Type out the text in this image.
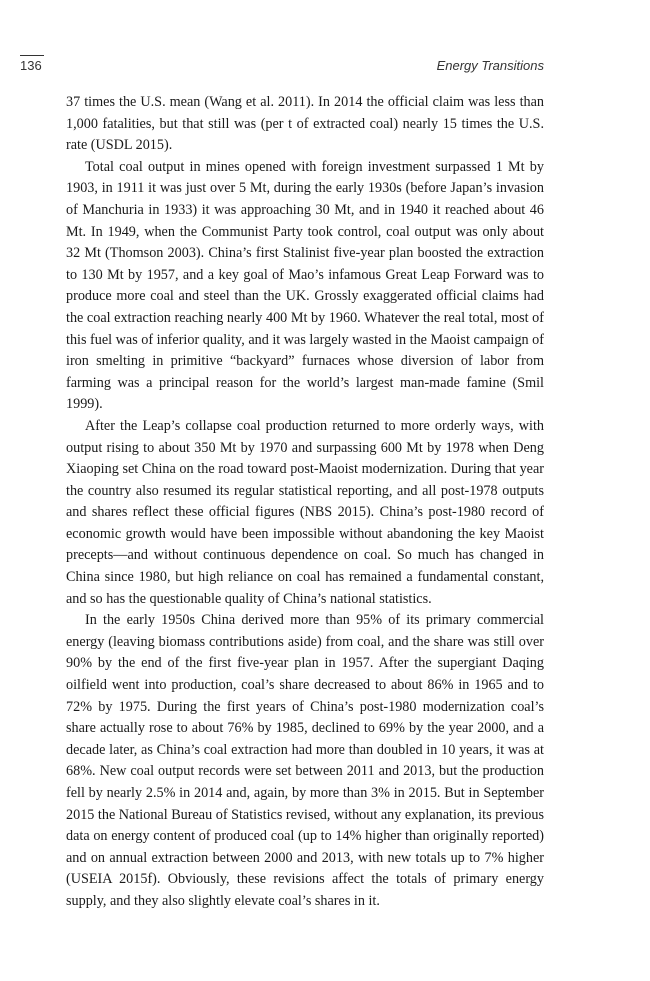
136	Energy Transitions

37 times the U.S. mean (Wang et al. 2011). In 2014 the official claim was less than 1,000 fatalities, but that still was (per t of extracted coal) nearly 15 times the U.S. rate (USDL 2015).

Total coal output in mines opened with foreign investment surpassed 1 Mt by 1903, in 1911 it was just over 5 Mt, during the early 1930s (before Japan’s invasion of Manchuria in 1933) it was approaching 30 Mt, and in 1940 it reached about 46 Mt. In 1949, when the Communist Party took control, coal output was only about 32 Mt (Thomson 2003). China’s first Stalinist five-year plan boosted the extraction to 130 Mt by 1957, and a key goal of Mao’s infamous Great Leap Forward was to produce more coal and steel than the UK. Grossly exaggerated official claims had the coal extraction reaching nearly 400 Mt by 1960. Whatever the real total, most of this fuel was of inferior quality, and it was largely wasted in the Maoist campaign of iron smelting in primitive “backyard” furnaces whose diversion of labor from farming was a principal reason for the world’s largest man-made famine (Smil 1999).

After the Leap’s collapse coal production returned to more orderly ways, with output rising to about 350 Mt by 1970 and surpassing 600 Mt by 1978 when Deng Xiaoping set China on the road toward post-Maoist modernization. During that year the country also resumed its regular statistical reporting, and all post-1978 outputs and shares reflect these official figures (NBS 2015). China’s post-1980 record of economic growth would have been impossible without abandoning the key Maoist precepts—and without continuous dependence on coal. So much has changed in China since 1980, but high reliance on coal has remained a fundamental constant, and so has the questionable quality of China’s national statistics.

In the early 1950s China derived more than 95% of its primary commercial energy (leaving biomass contributions aside) from coal, and the share was still over 90% by the end of the first five-year plan in 1957. After the supergiant Daqing oilfield went into production, coal’s share decreased to about 86% in 1965 and to 72% by 1975. During the first years of China’s post-1980 modernization coal’s share actually rose to about 76% by 1985, declined to 69% by the year 2000, and a decade later, as China’s coal extraction had more than doubled in 10 years, it was at 68%. New coal output records were set between 2011 and 2013, but the production fell by nearly 2.5% in 2014 and, again, by more than 3% in 2015. But in September 2015 the National Bureau of Statistics revised, without any explanation, its previous data on energy content of produced coal (up to 14% higher than originally reported) and on annual extraction between 2000 and 2013, with new totals up to 7% higher (USEIA 2015f). Obviously, these revisions affect the totals of primary energy supply, and they also slightly elevate coal’s shares in it.
